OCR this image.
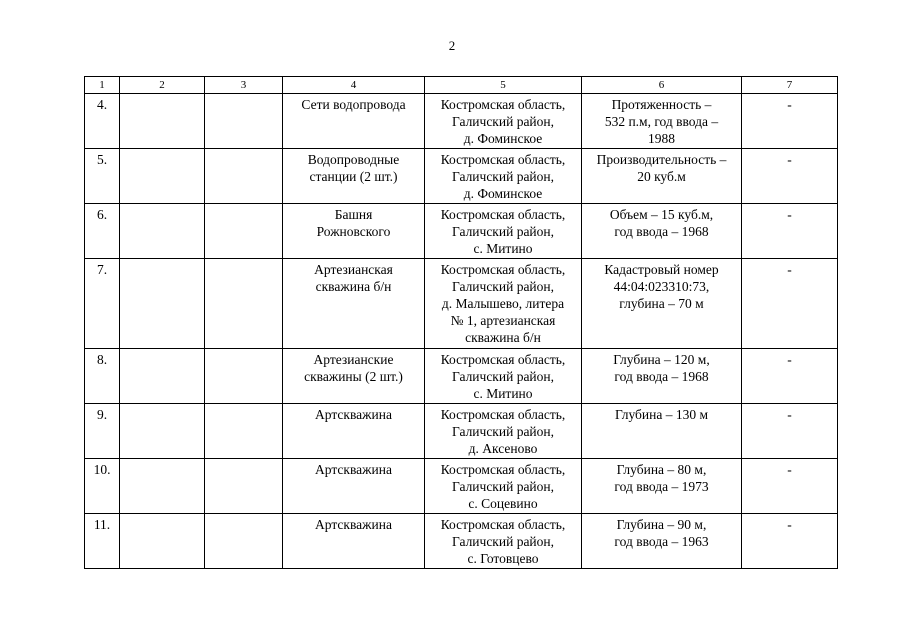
2
1	2	3	4	5	6	7
4.			Сети водопровода	Костромская область,
Галичский район,
д. Фоминское	Протяженность –
532 п.м, год ввода –
1988	-
5.			Водопроводные
станции (2 шт.)	Костромская область,
Галичский район,
д. Фоминское	Производительность –
20 куб.м	-
6.			Башня
Рожновского	Костромская область,
Галичский район,
с. Митино	Объем – 15 куб.м,
год ввода – 1968	-
7.			Артезианская
скважина б/н	Костромская область,
Галичский район,
д. Малышево, литера
№ 1, артезианская
скважина б/н	Кадастровый номер
44:04:023310:73,
глубина – 70 м	-
8.			Артезианские
скважины (2 шт.)	Костромская область,
Галичский район,
с. Митино	Глубина – 120 м,
год ввода – 1968	-
9.			Артскважина	Костромская область,
Галичский район,
д. Аксеново	Глубина – 130 м	-
10.			Артскважина	Костромская область,
Галичский район,
с. Соцевино	Глубина – 80 м,
год ввода – 1973	-
11.			Артскважина	Костромская область,
Галичский район,
с. Готовцево	Глубина – 90 м,
год ввода – 1963	-
